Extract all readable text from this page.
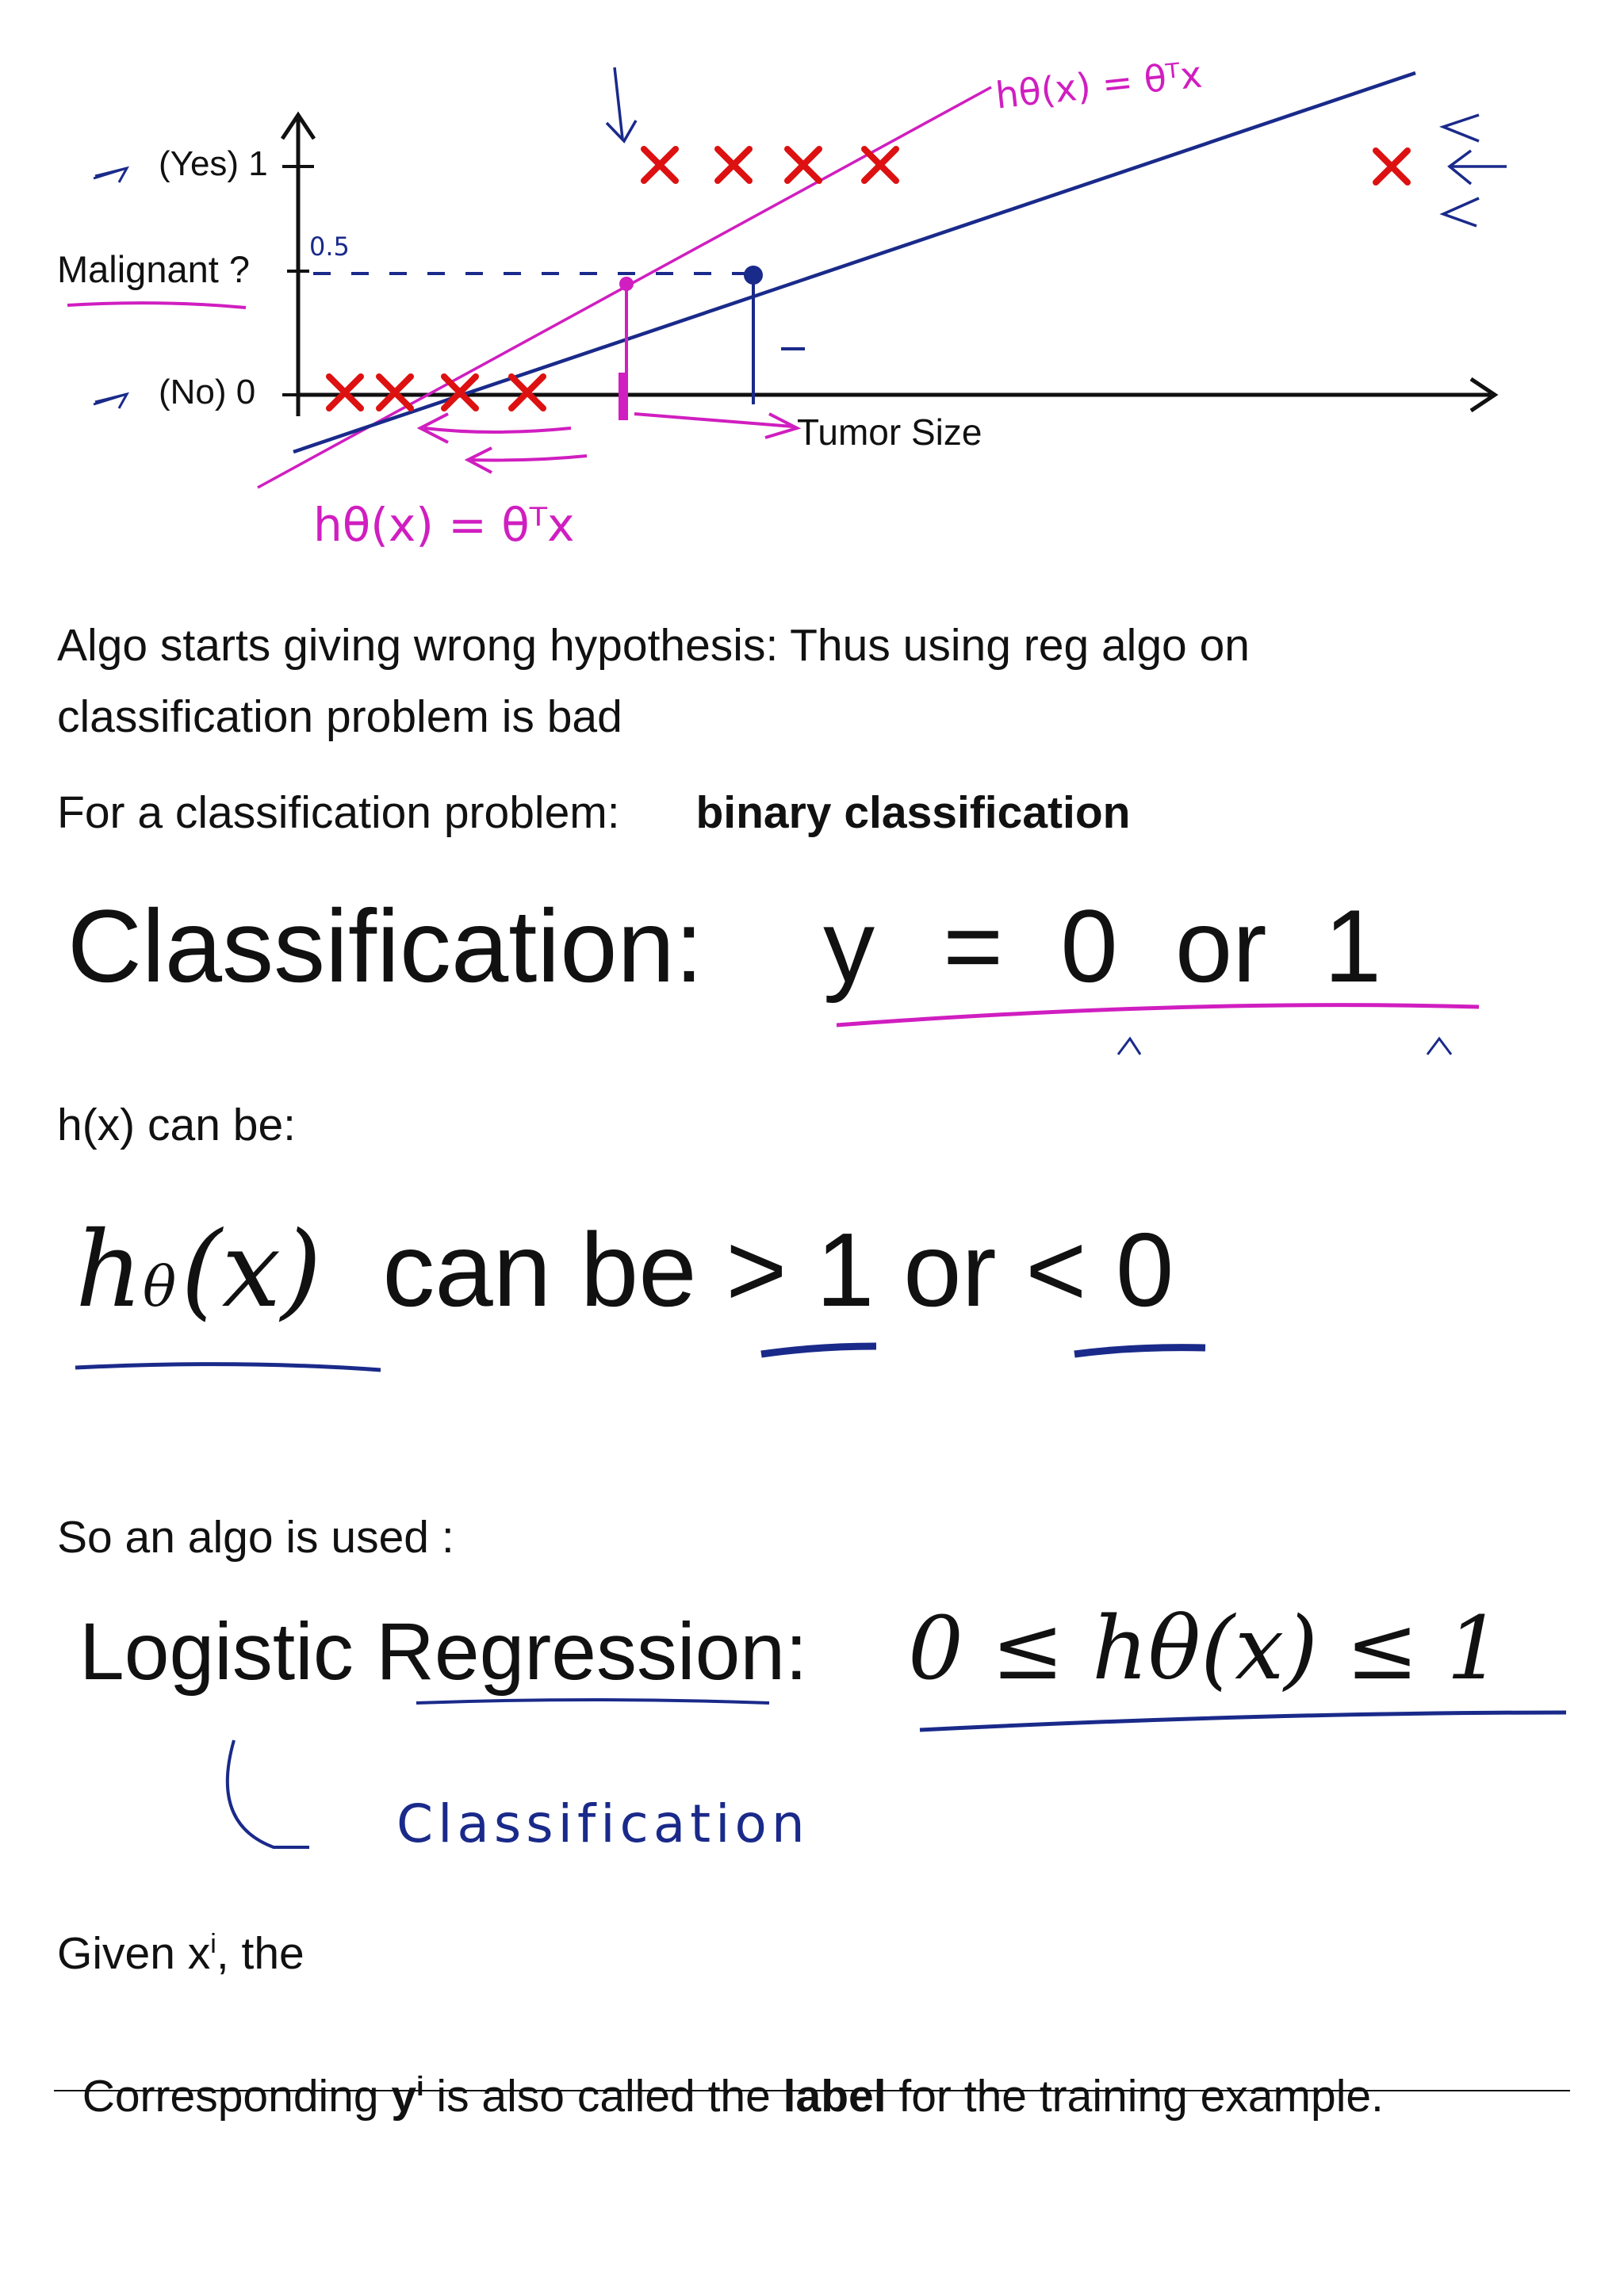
(Yes) 1
Malignant ?
0.5
(No) 0
Tumor Size
hθ(x) = θᵀx
hθ(x) = θᵀx
Algo starts giving wrong hypothesis: Thus using reg algo on
classification problem is bad
For a classification problem: binary classification
Classification: y =  0  or  1
h(x) can be:
hθ(x) can be > 1 or < 0
So an algo is used :
Logistic Regression: 0 ≤ hθ(x) ≤ 1
Classification
Given $x^i$, the

Corresponding $y^i$ is also called the label for the training example.
